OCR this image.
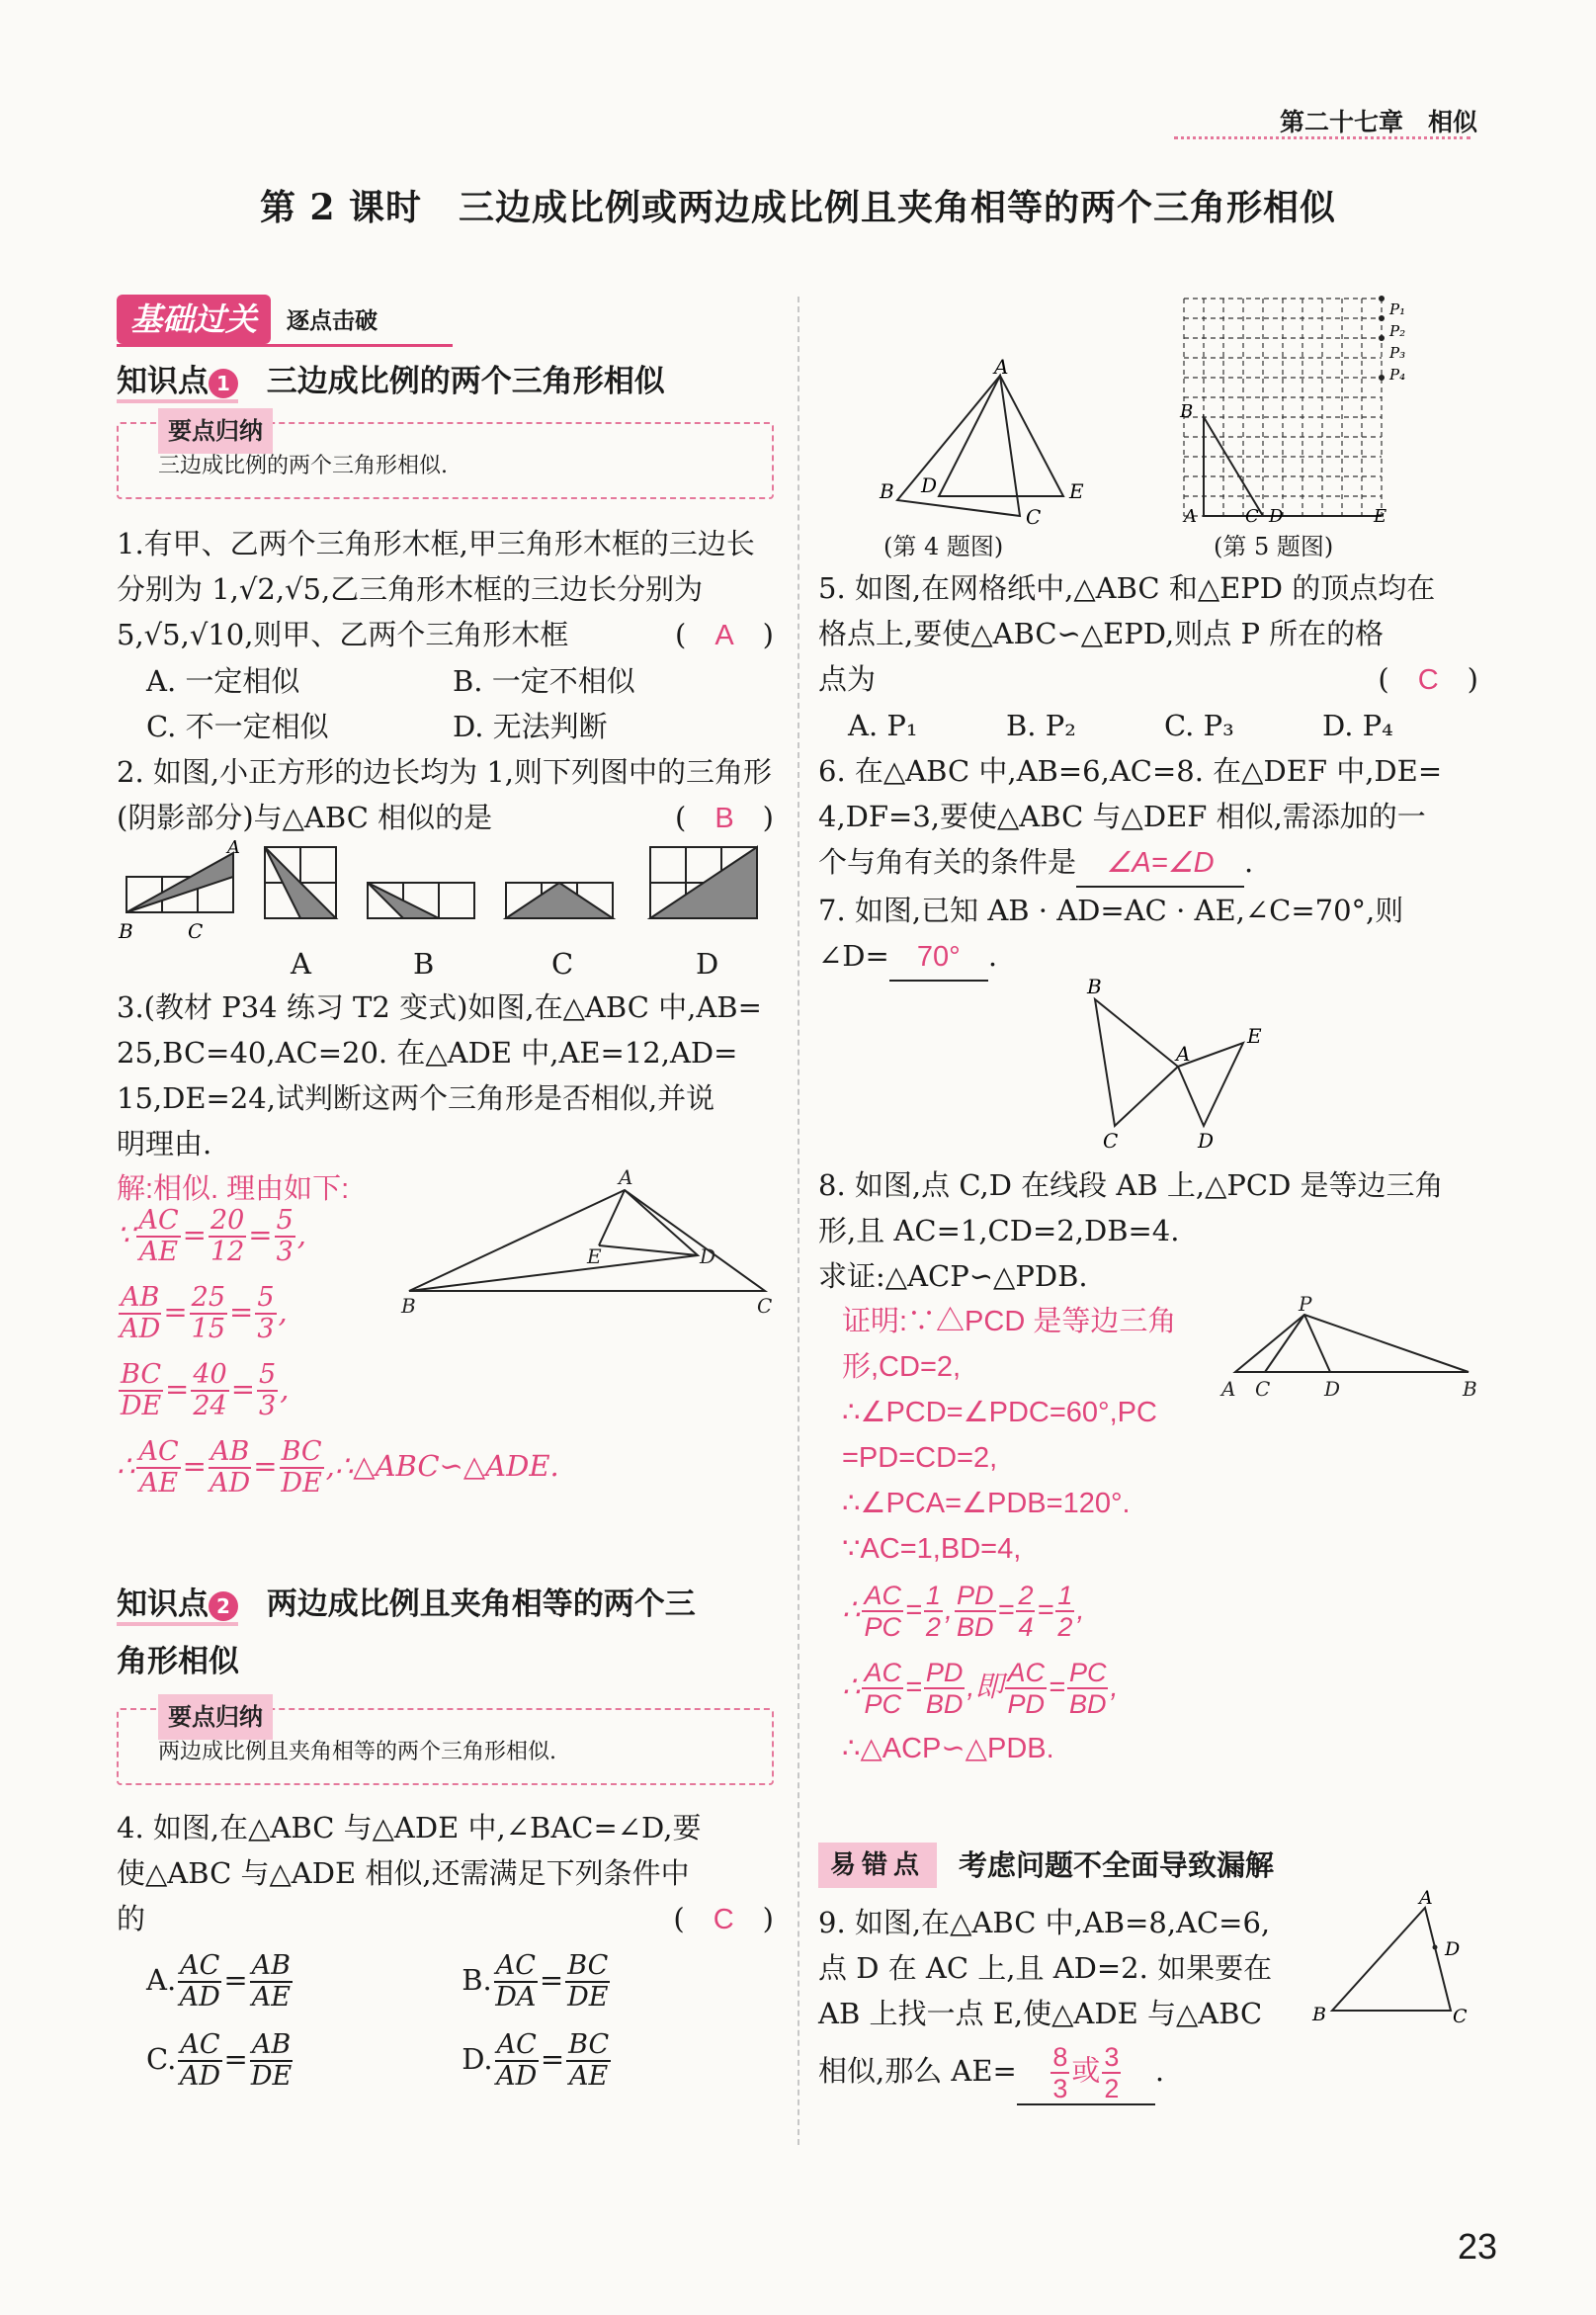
第二十七章　相似
第 2 课时　三边成比例或两边成比例且夹角相等的两个三角形相似
基础过关	逐点击破
知识点 1 三边成比例的两个三角形相似
要点归纳
三边成比例的两个三角形相似.

1.有甲、乙两个三角形木框,甲三角形木框的三边长

分别为 1,√2,√5,乙三角形木框的三边长分别为

5,√5,√10,则甲、乙两个三角形木框	(　A　)

A. 一定相似	B. 一定不相似

C. 不一定相似	D. 无法判断

2. 如图,小正方形的边长均为 1,则下列图中的三角形

(阴影部分)与△ABC 相似的是	(　B　)

B	C
A
A	B	C	D

3.(教材 P34 练习 T2 变式)如图,在△ABC 中,AB=

25,BC=40,AC=20. 在△ADE 中,AE=12,AD=

15,DE=24,试判断这两个三角形是否相似,并说

明理由.

解:相似. 理由如下:	A
B	C
D
E
∵ $\frac{AC}{AE} = \frac{20}{12} = \frac{5}{3}$ ,
$\frac{AB}{AD} = \frac{25}{15} = \frac{5}{3}$ ,
$\frac{BC}{DE} = \frac{40}{24} = \frac{5}{3}$ ,
∴ $\frac{AC}{AE} = \frac{AB}{AD} = \frac{BC}{DE}$ ,∴△ABC∽△ADE.
知识点 2 两边成比例且夹角相等的两个三
角形相似
要点归纳
两边成比例且夹角相等的两个三角形相似.

4. 如图,在△ABC 与△ADE 中,∠BAC=∠D,要

使△ABC 与△ADE 相似,还需满足下列条件中

的	(　C　)

A. $\frac{AC}{AD} = \frac{AB}{AE}$	B. $\frac{AC}{DA} = \frac{BC}{DE}$
C. $\frac{AC}{AD} = \frac{AB}{DE}$	D. $\frac{AC}{AD} = \frac{BC}{AE}$
A
B
C
D	E
(第 4 题图)
B
A	C D	E
P₁
P₂
P₃
P₄
(第 5 题图)

5. 如图,在网格纸中,△ABC 和△EPD 的顶点均在

格点上,要使△ABC∽△EPD,则点 P 所在的格

点为	(　C　)

A. P₁	B. P₂	C. P₃	D. P₄

6. 在△ABC 中,AB=6,AC=8. 在△DEF 中,DE=

4,DF=3,要使△ABC 与△DEF 相似,需添加的一

个与角有关的条件是 ∠A=∠D .

7. 如图,已知 AB · AD=AC · AE,∠C=70°,则

∠D= 70° .

B
C
A
D
E

8. 如图,点 C,D 在线段 AB 上,△PCD 是等边三角

形,且 AC=1,CD=2,DB=4.

求证:△ACP∽△PDB.

P
A C	D	B
证明:∵△PCD 是等边三角
形,CD=2,
∴∠PCD=∠PDC=60°,PC
=PD=CD=2,
∴∠PCA=∠PDB=120°.
∵AC=1,BD=4,
∴ $\frac{AC}{PC} = \frac{1}{2}$ , $\frac{PD}{BD} = \frac{2}{4} = \frac{1}{2}$ ,
∴ $\frac{AC}{PC} = \frac{PD}{BD}$ ,即 $\frac{AC}{PD} = \frac{PC}{BD}$ ,
∴△ACP∽△PDB.
易错点	考虑问题不全面导致漏解
A
B	C
D

9. 如图,在△ABC 中,AB=8,AC=6,

点 D 在 AC 上,且 AD=2. 如果要在

AB 上找一点 E,使△ADE 与△ABC

相似,那么 $AE= \frac{8}{3}$ 或 $\frac{3}{2}$ .

23
